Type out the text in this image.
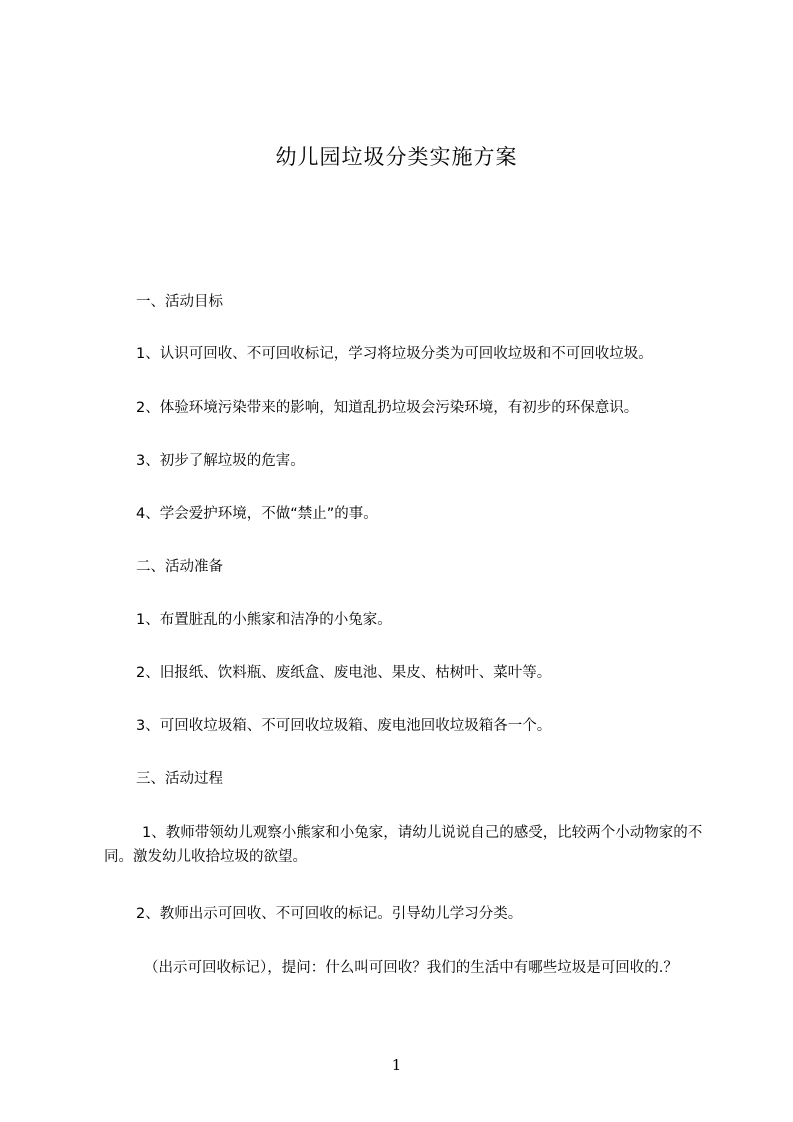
幼儿园垃圾分类实施方案
一、活动目标
1、认识可回收、不可回收标记，学习将垃圾分类为可回收垃圾和不可回收垃圾。
2、体验环境污染带来的影响，知道乱扔垃圾会污染环境，有初步的环保意识。
3、初步了解垃圾的危害。
4、学会爱护环境，不做“禁止”的事。
二、活动准备
1、布置脏乱的小熊家和洁净的小兔家。
2、旧报纸、饮料瓶、废纸盒、废电池、果皮、枯树叶、菜叶等。
3、可回收垃圾箱、不可回收垃圾箱、废电池回收垃圾箱各一个。
三、活动过程
1、教师带领幼儿观察小熊家和小兔家，请幼儿说说自己的感受，比较两个小动物家的不同。激发幼儿收拾垃圾的欲望。
2、教师出示可回收、不可回收的标记。引导幼儿学习分类。
（出示可回收标记），提问：什么叫可回收？我们的生活中有哪些垃圾是可回收的.？
1
